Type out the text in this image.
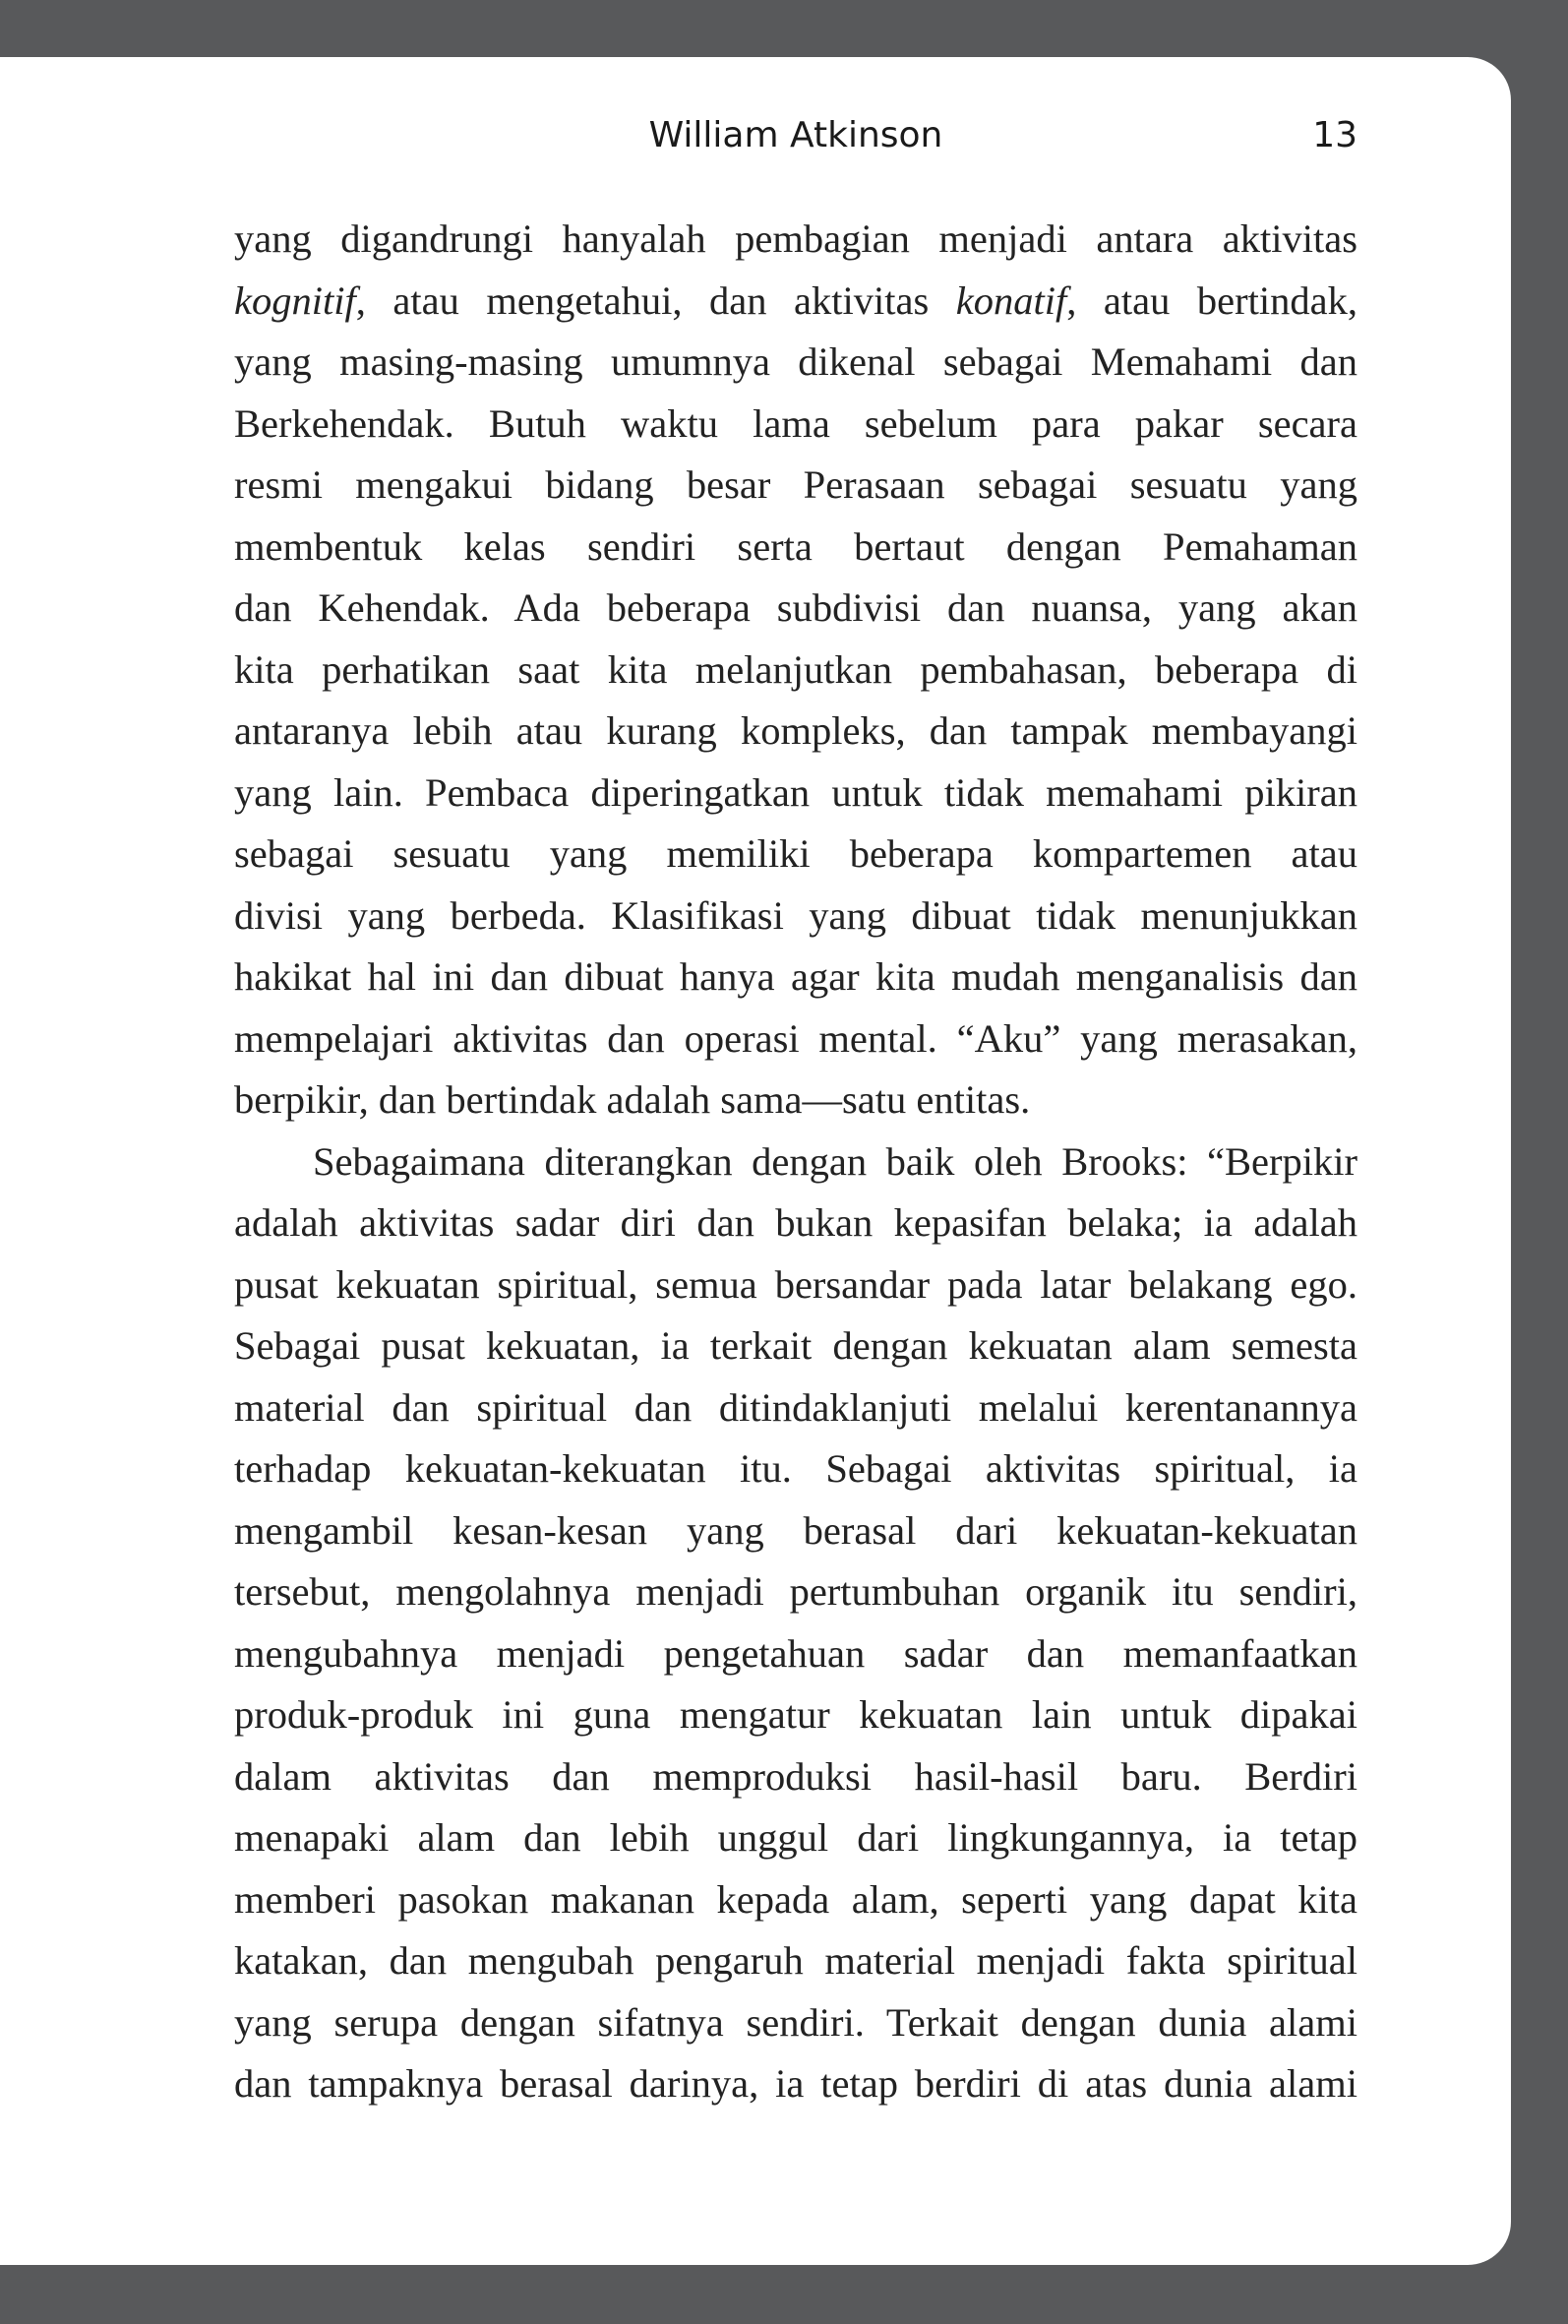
William Atkinson	13

yang digandrungi hanyalah pembagian menjadi antara aktivitas
kognitif, atau mengetahui, dan aktivitas konatif, atau bertindak,
yang masing-masing umumnya dikenal sebagai Memahami dan
Berkehendak. Butuh waktu lama sebelum para pakar secara
resmi mengakui bidang besar Perasaan sebagai sesuatu yang
membentuk kelas sendiri serta bertaut dengan Pemahaman
dan Kehendak. Ada beberapa subdivisi dan nuansa, yang akan
kita perhatikan saat kita melanjutkan pembahasan, beberapa di
antaranya lebih atau kurang kompleks, dan tampak membayangi
yang lain. Pembaca diperingatkan untuk tidak memahami pikiran
sebagai sesuatu yang memiliki beberapa kompartemen atau
divisi yang berbeda. Klasifikasi yang dibuat tidak menunjukkan
hakikat hal ini dan dibuat hanya agar kita mudah menganalisis dan
mempelajari aktivitas dan operasi mental. “Aku” yang merasakan,
berpikir, dan bertindak adalah sama—satu entitas.

Sebagaimana diterangkan dengan baik oleh Brooks: “Berpikir
adalah aktivitas sadar diri dan bukan kepasifan belaka; ia adalah
pusat kekuatan spiritual, semua bersandar pada latar belakang ego.
Sebagai pusat kekuatan, ia terkait dengan kekuatan alam semesta
material dan spiritual dan ditindaklanjuti melalui kerentanannya
terhadap kekuatan-kekuatan itu. Sebagai aktivitas spiritual, ia
mengambil kesan-kesan yang berasal dari kekuatan-kekuatan
tersebut, mengolahnya menjadi pertumbuhan organik itu sendiri,
mengubahnya menjadi pengetahuan sadar dan memanfaatkan
produk-produk ini guna mengatur kekuatan lain untuk dipakai
dalam aktivitas dan memproduksi hasil-hasil baru. Berdiri
menapaki alam dan lebih unggul dari lingkungannya, ia tetap
memberi pasokan makanan kepada alam, seperti yang dapat kita
katakan, dan mengubah pengaruh material menjadi fakta spiritual
yang serupa dengan sifatnya sendiri. Terkait dengan dunia alami
dan tampaknya berasal darinya, ia tetap berdiri di atas dunia alami
